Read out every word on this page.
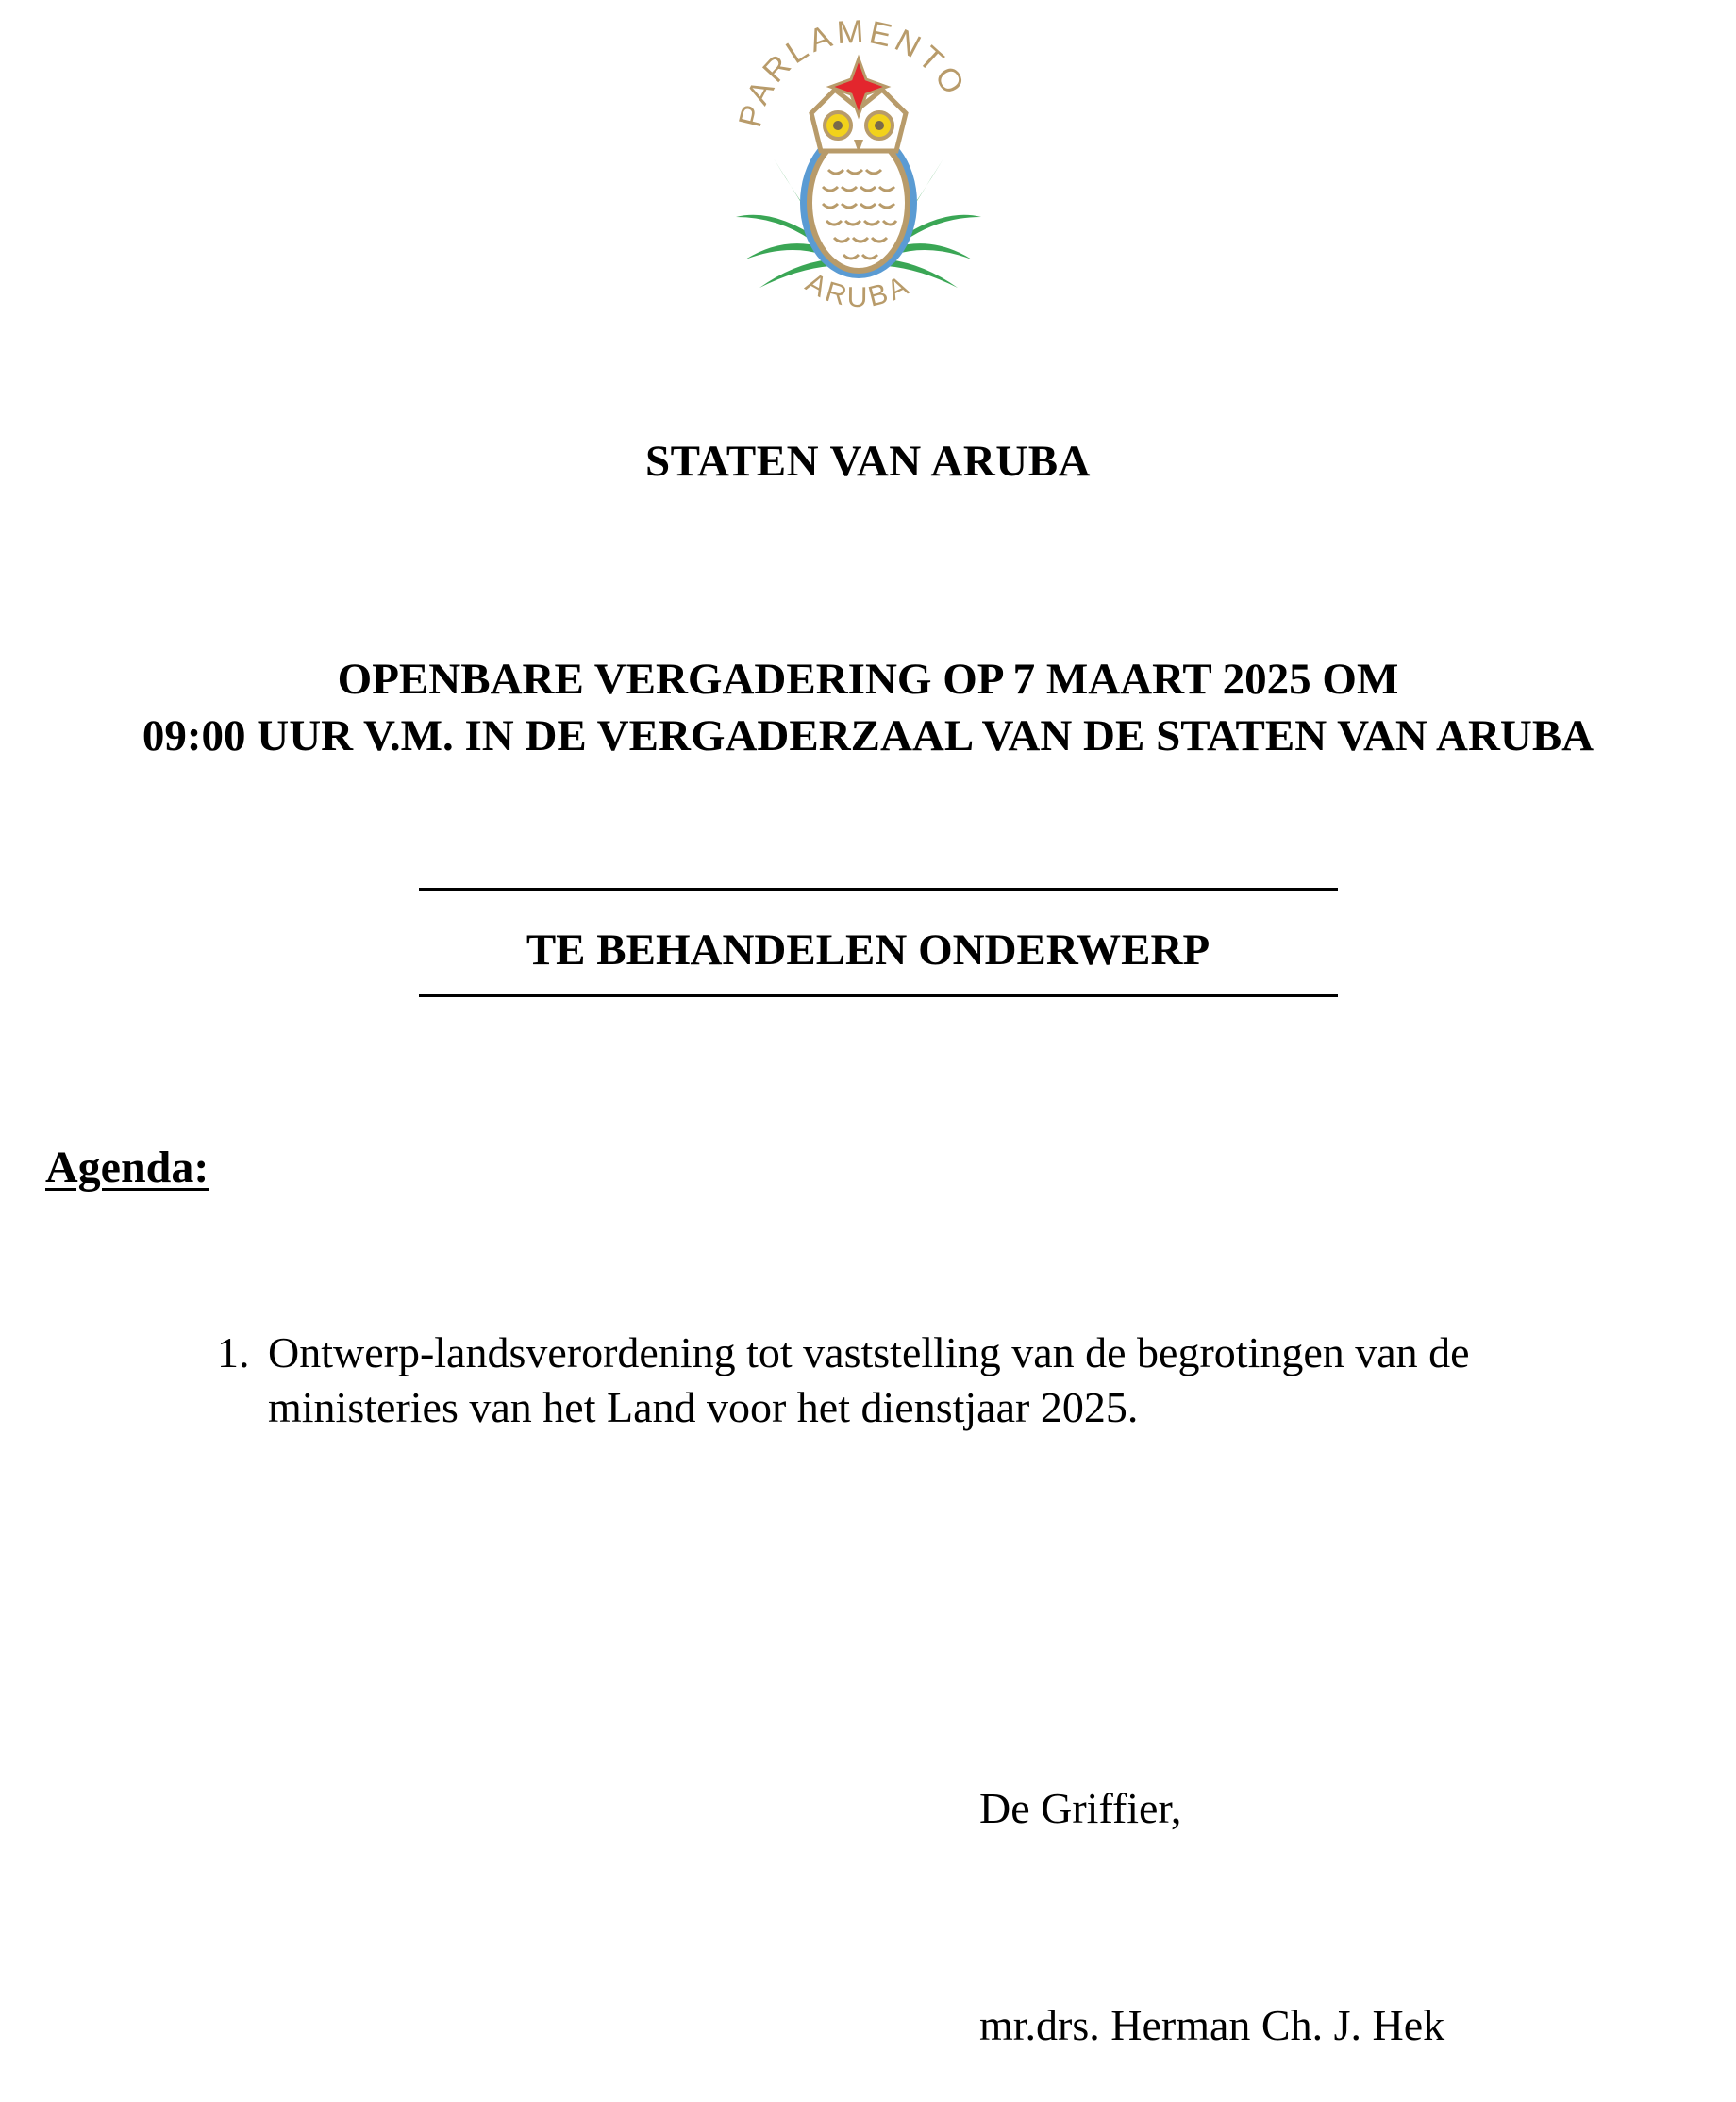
PARLAMENTO
ARUBA
STATEN VAN ARUBA
OPENBARE VERGADERING OP 7 MAART 2025 OM
09:00 UUR V.M. IN DE VERGADERZAAL VAN DE STATEN VAN ARUBA
TE BEHANDELEN ONDERWERP
Agenda:
1. Ontwerp-landsverordening tot vaststelling van de begrotingen van de
ministeries van het Land voor het dienstjaar 2025.
De Griffier,
mr.drs. Herman Ch. J. Hek
